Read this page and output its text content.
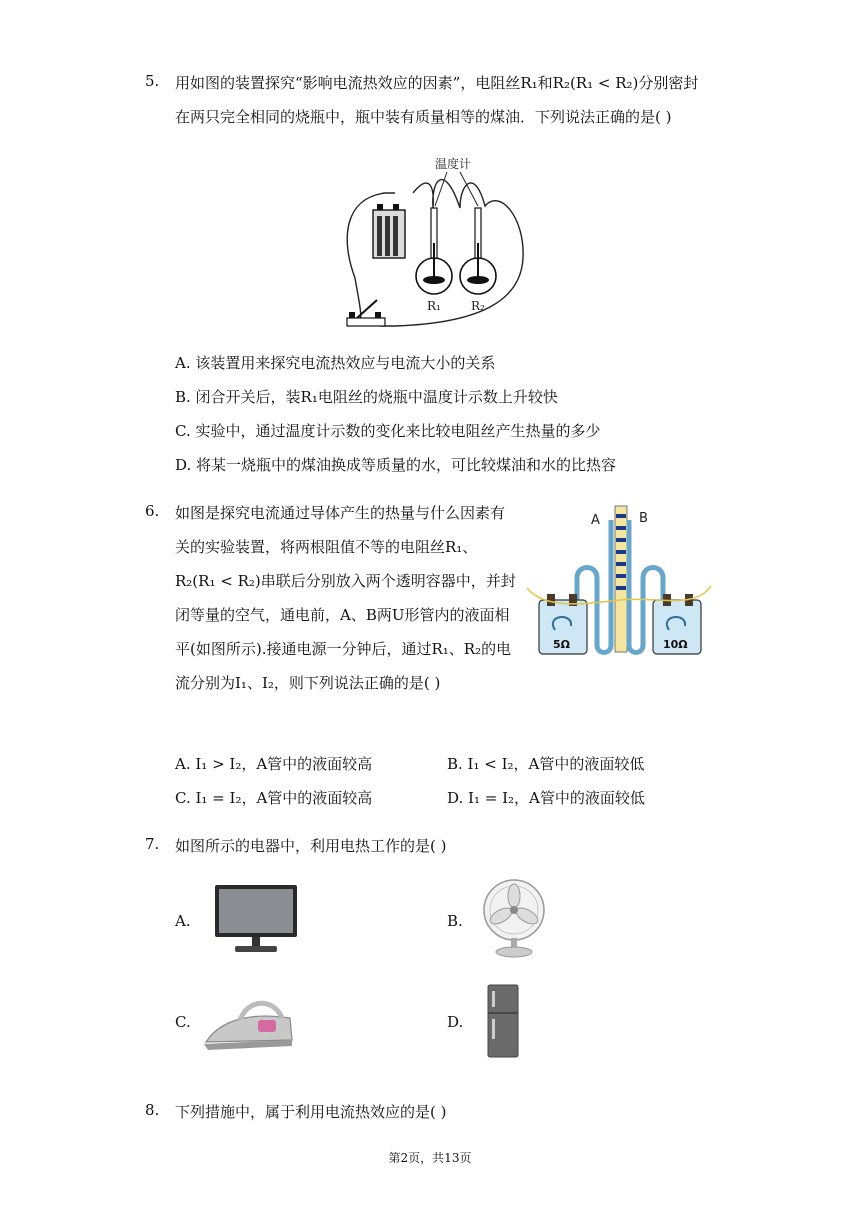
5. 用如图的装置探究“影响电流热效应的因素”，电阻丝R₁和R₂(R₁ < R₂)分别密封
在两只完全相同的烧瓶中，瓶中装有质量相等的煤油．下列说法正确的是( )
温度计
R₁	R₂
A. 该装置用来探究电流热效应与电流大小的关系
B. 闭合开关后，装R₁电阻丝的烧瓶中温度计示数上升较快
C. 实验中，通过温度计示数的变化来比较电阻丝产生热量的多少
D. 将某一烧瓶中的煤油换成等质量的水，可比较煤油和水的比热容
6. 如图是探究电流通过导体产生的热量与什么因素有
关的实验装置，将两根阻值不等的电阻丝R₁、
R₂(R₁ < R₂)串联后分别放入两个透明容器中，并封
闭等量的空气，通电前，A、B两U形管内的液面相
平(如图所示).接通电源一分钟后，通过R₁、R₂的电
流分别为I₁、I₂，则下列说法正确的是( )
A	B
5Ω	10Ω
A. I₁ > I₂，A管中的液面较高	B. I₁ < I₂，A管中的液面较低
C. I₁ = I₂，A管中的液面较高	D. I₁ = I₂，A管中的液面较低
7. 如图所示的电器中，利用电热工作的是( )
A.	B.
C.	D.
8. 下列措施中，属于利用电流热效应的是( )
第2页，共13页
